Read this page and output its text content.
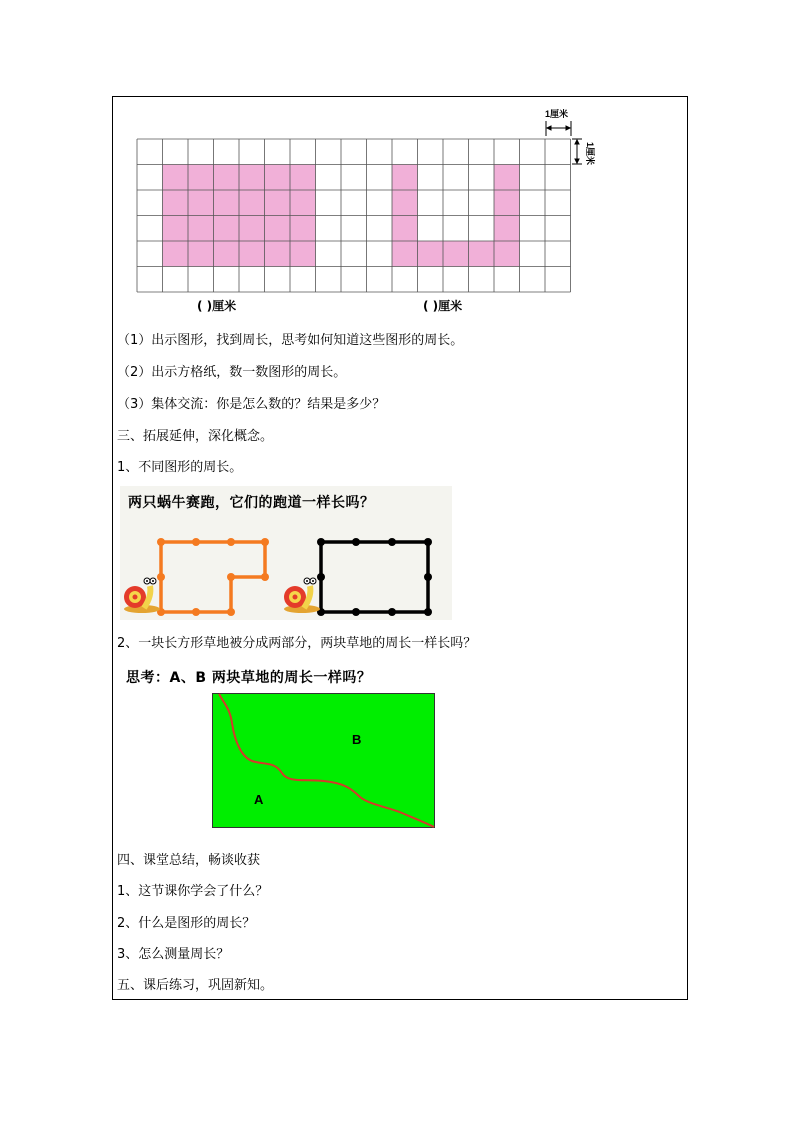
1厘米
1厘米
( )厘米	( )厘米
（1）出示图形，找到周长，思考如何知道这些图形的周长。
（2）出示方格纸，数一数图形的周长。
（3）集体交流：你是怎么数的？结果是多少？
三、拓展延伸，深化概念。
1、不同图形的周长。
两只蜗牛赛跑，它们的跑道一样长吗？
2、一块长方形草地被分成两部分，两块草地的周长一样长吗？
思考：A、B 两块草地的周长一样吗？
B
A
四、课堂总结，畅谈收获
1、这节课你学会了什么？
2、什么是图形的周长？
3、怎么测量周长？
五、课后练习，巩固新知。
